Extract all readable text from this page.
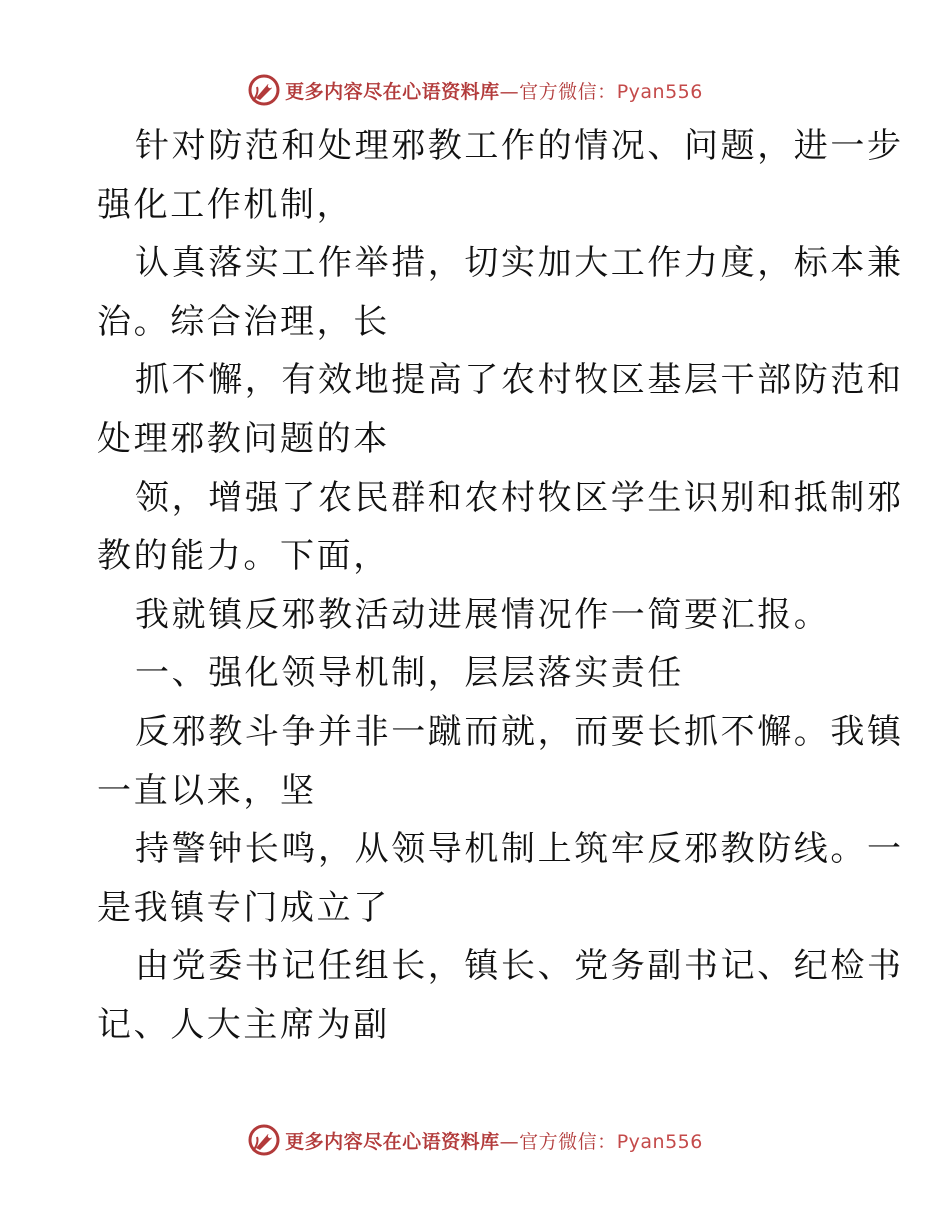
更多内容尽在心语资料库—官方微信：Pyan556
针对防范和处理邪教工作的情况、问题，进一步
强化工作机制，
认真落实工作举措，切实加大工作力度，标本兼
治。综合治理，长
抓不懈，有效地提高了农村牧区基层干部防范和
处理邪教问题的本
领，增强了农民群和农村牧区学生识别和抵制邪
教的能力。下面，
我就镇反邪教活动进展情况作一简要汇报。
一、强化领导机制，层层落实责任
反邪教斗争并非一蹴而就，而要长抓不懈。我镇
一直以来，坚
持警钟长鸣，从领导机制上筑牢反邪教防线。一
是我镇专门成立了
由党委书记任组长，镇长、党务副书记、纪检书
记、人大主席为副
更多内容尽在心语资料库—官方微信：Pyan556
